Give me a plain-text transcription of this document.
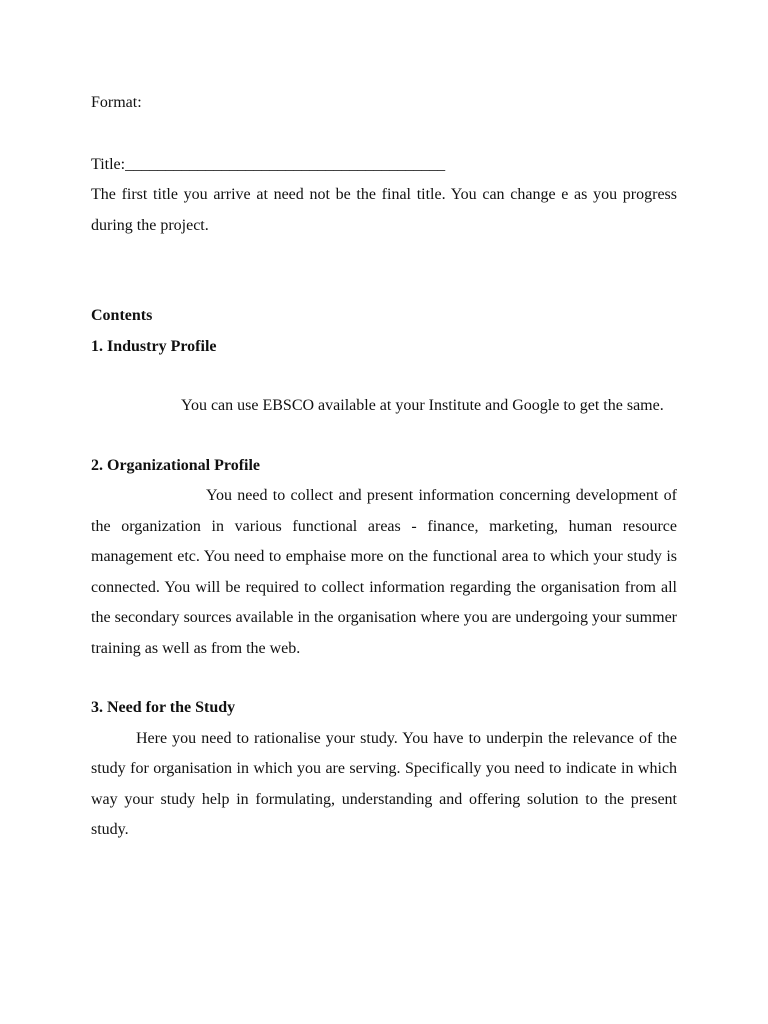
Format:

Title:________________________________________

The first title you arrive at need not be the final title. You can change e as you progress during the project.

Contents

1. Industry Profile

You can use EBSCO available at your Institute and Google to get the same.

2. Organizational Profile

You need to collect and present information concerning development of the organization in various functional areas - finance, marketing, human resource management etc. You need to emphaise more on the functional area to which your study is connected. You will be required to collect information regarding the organisation from all the secondary sources available in the organisation where you are undergoing your summer training as well as from the web.

3. Need for the Study

Here you need to rationalise your study. You have to underpin the relevance of the study for organisation in which you are serving. Specifically you need to indicate in which way your study help in formulating, understanding and offering solution to the present study.
